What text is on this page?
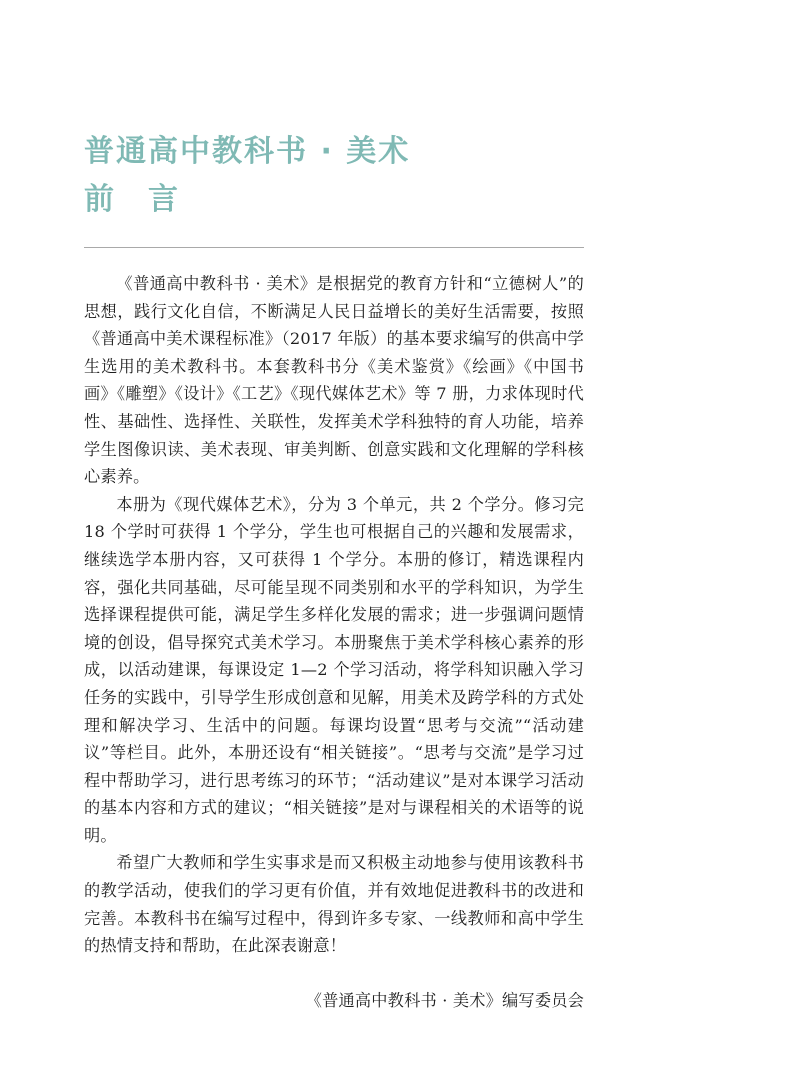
普通高中教科书 · 美术
前　言

《普通高中教科书 · 美术》是根据党的教育方针和“立德树人”的思想，践行文化自信，不断满足人民日益增长的美好生活需要，按照《普通高中美术课程标准》（2017 年版）的基本要求编写的供高中学生选用的美术教科书。本套教科书分《美术鉴赏》《绘画》《中国书画》《雕塑》《设计》《工艺》《现代媒体艺术》等 7 册，力求体现时代性、基础性、选择性、关联性，发挥美术学科独特的育人功能，培养学生图像识读、美术表现、审美判断、创意实践和文化理解的学科核心素养。

本册为《现代媒体艺术》，分为 3 个单元，共 2 个学分。修习完 18 个学时可获得 1 个学分，学生也可根据自己的兴趣和发展需求，继续选学本册内容，又可获得 1 个学分。本册的修订，精选课程内容，强化共同基础，尽可能呈现不同类别和水平的学科知识，为学生选择课程提供可能，满足学生多样化发展的需求；进一步强调问题情境的创设，倡导探究式美术学习。本册聚焦于美术学科核心素养的形成，以活动建课，每课设定 1—2 个学习活动，将学科知识融入学习任务的实践中，引导学生形成创意和见解，用美术及跨学科的方式处理和解决学习、生活中的问题。每课均设置“思考与交流”“活动建议”等栏目。此外，本册还设有“相关链接”。“思考与交流”是学习过程中帮助学习，进行思考练习的环节；“活动建议”是对本课学习活动的基本内容和方式的建议；“相关链接”是对与课程相关的术语等的说明。

希望广大教师和学生实事求是而又积极主动地参与使用该教科书的教学活动，使我们的学习更有价值，并有效地促进教科书的改进和完善。本教科书在编写过程中，得到许多专家、一线教师和高中学生的热情支持和帮助，在此深表谢意！

《普通高中教科书 · 美术》编写委员会
